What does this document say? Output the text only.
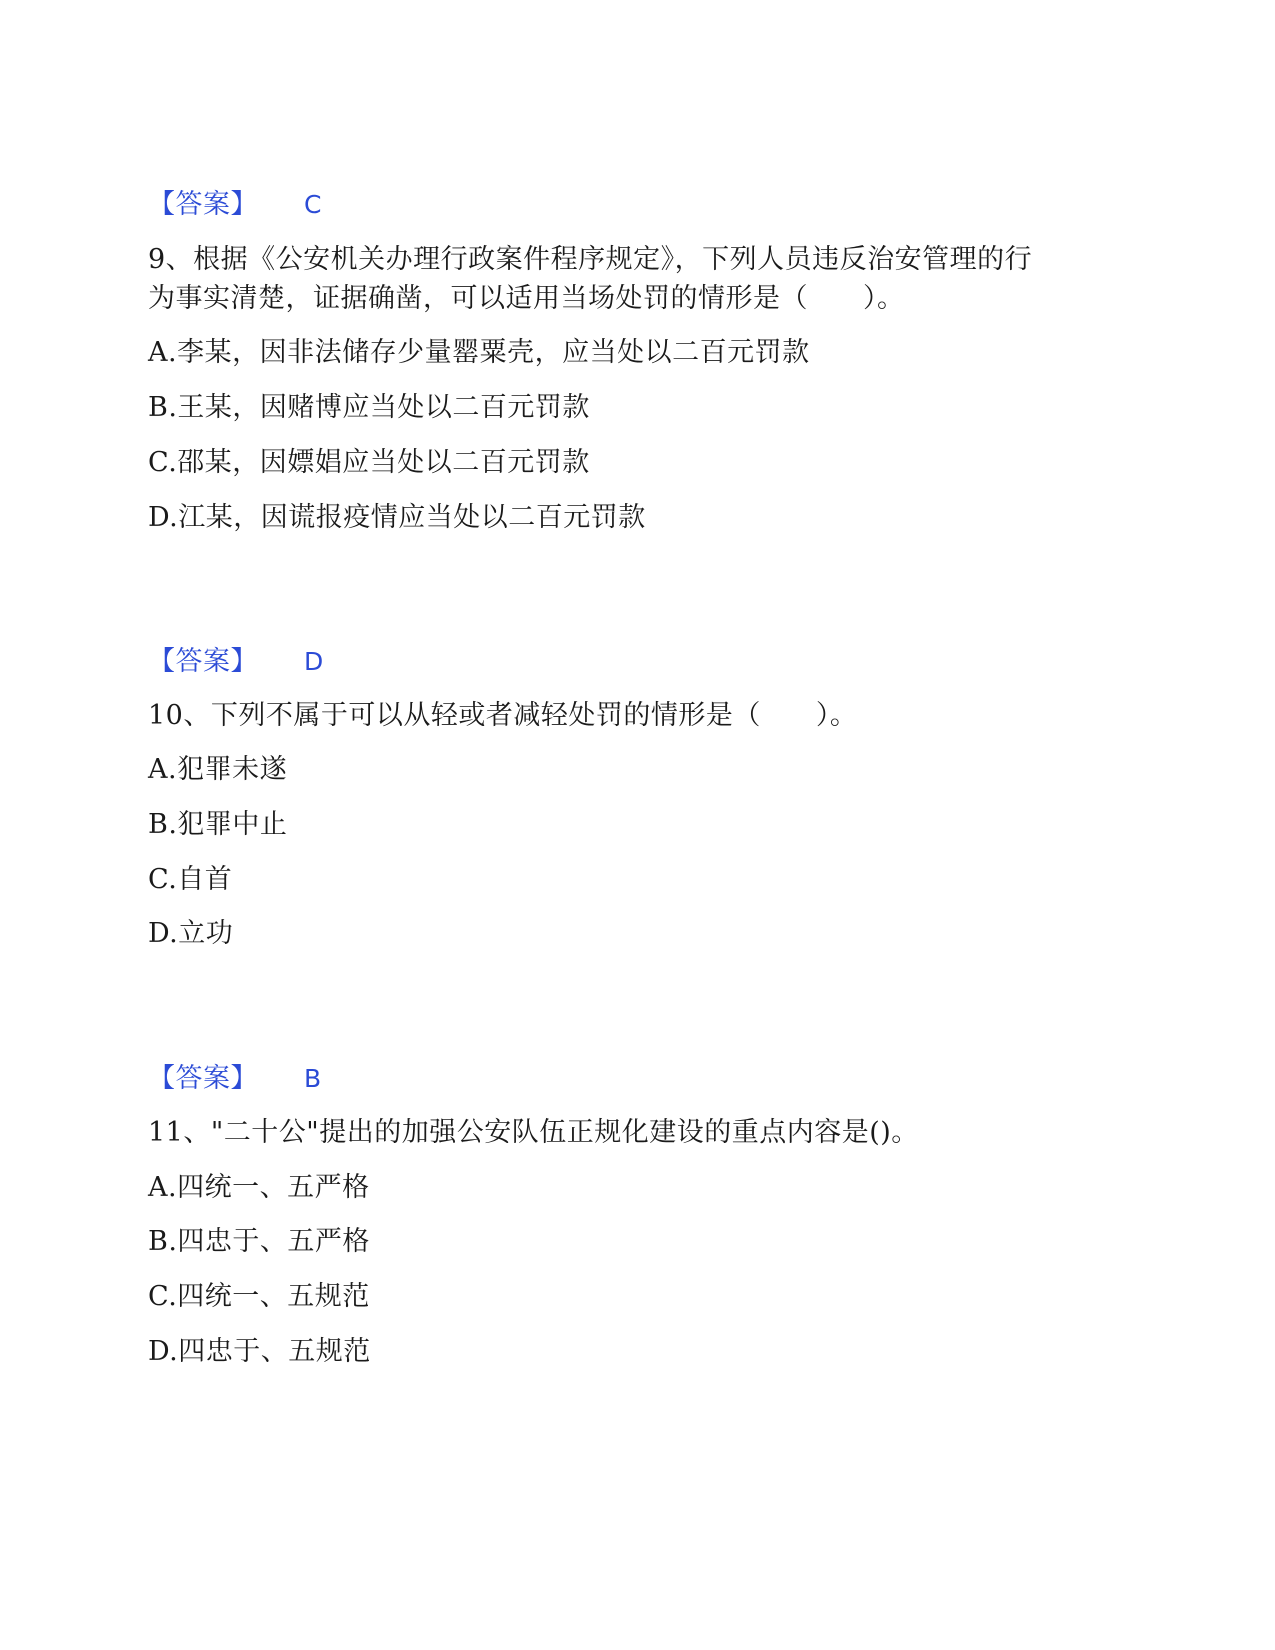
【答案】 C
9、根据《公安机关办理行政案件程序规定》，下列人员违反治安管理的行
为事实清楚，证据确凿，可以适用当场处罚的情形是（　　）。
A.李某，因非法储存少量罂粟壳，应当处以二百元罚款
B.王某，因赌博应当处以二百元罚款
C.邵某，因嫖娼应当处以二百元罚款
D.江某，因谎报疫情应当处以二百元罚款
【答案】 D
10、下列不属于可以从轻或者减轻处罚的情形是（　　）。
A.犯罪未遂
B.犯罪中止
C.自首
D.立功
【答案】 B
11、"二十公"提出的加强公安队伍正规化建设的重点内容是()。
A.四统一、五严格
B.四忠于、五严格
C.四统一、五规范
D.四忠于、五规范
